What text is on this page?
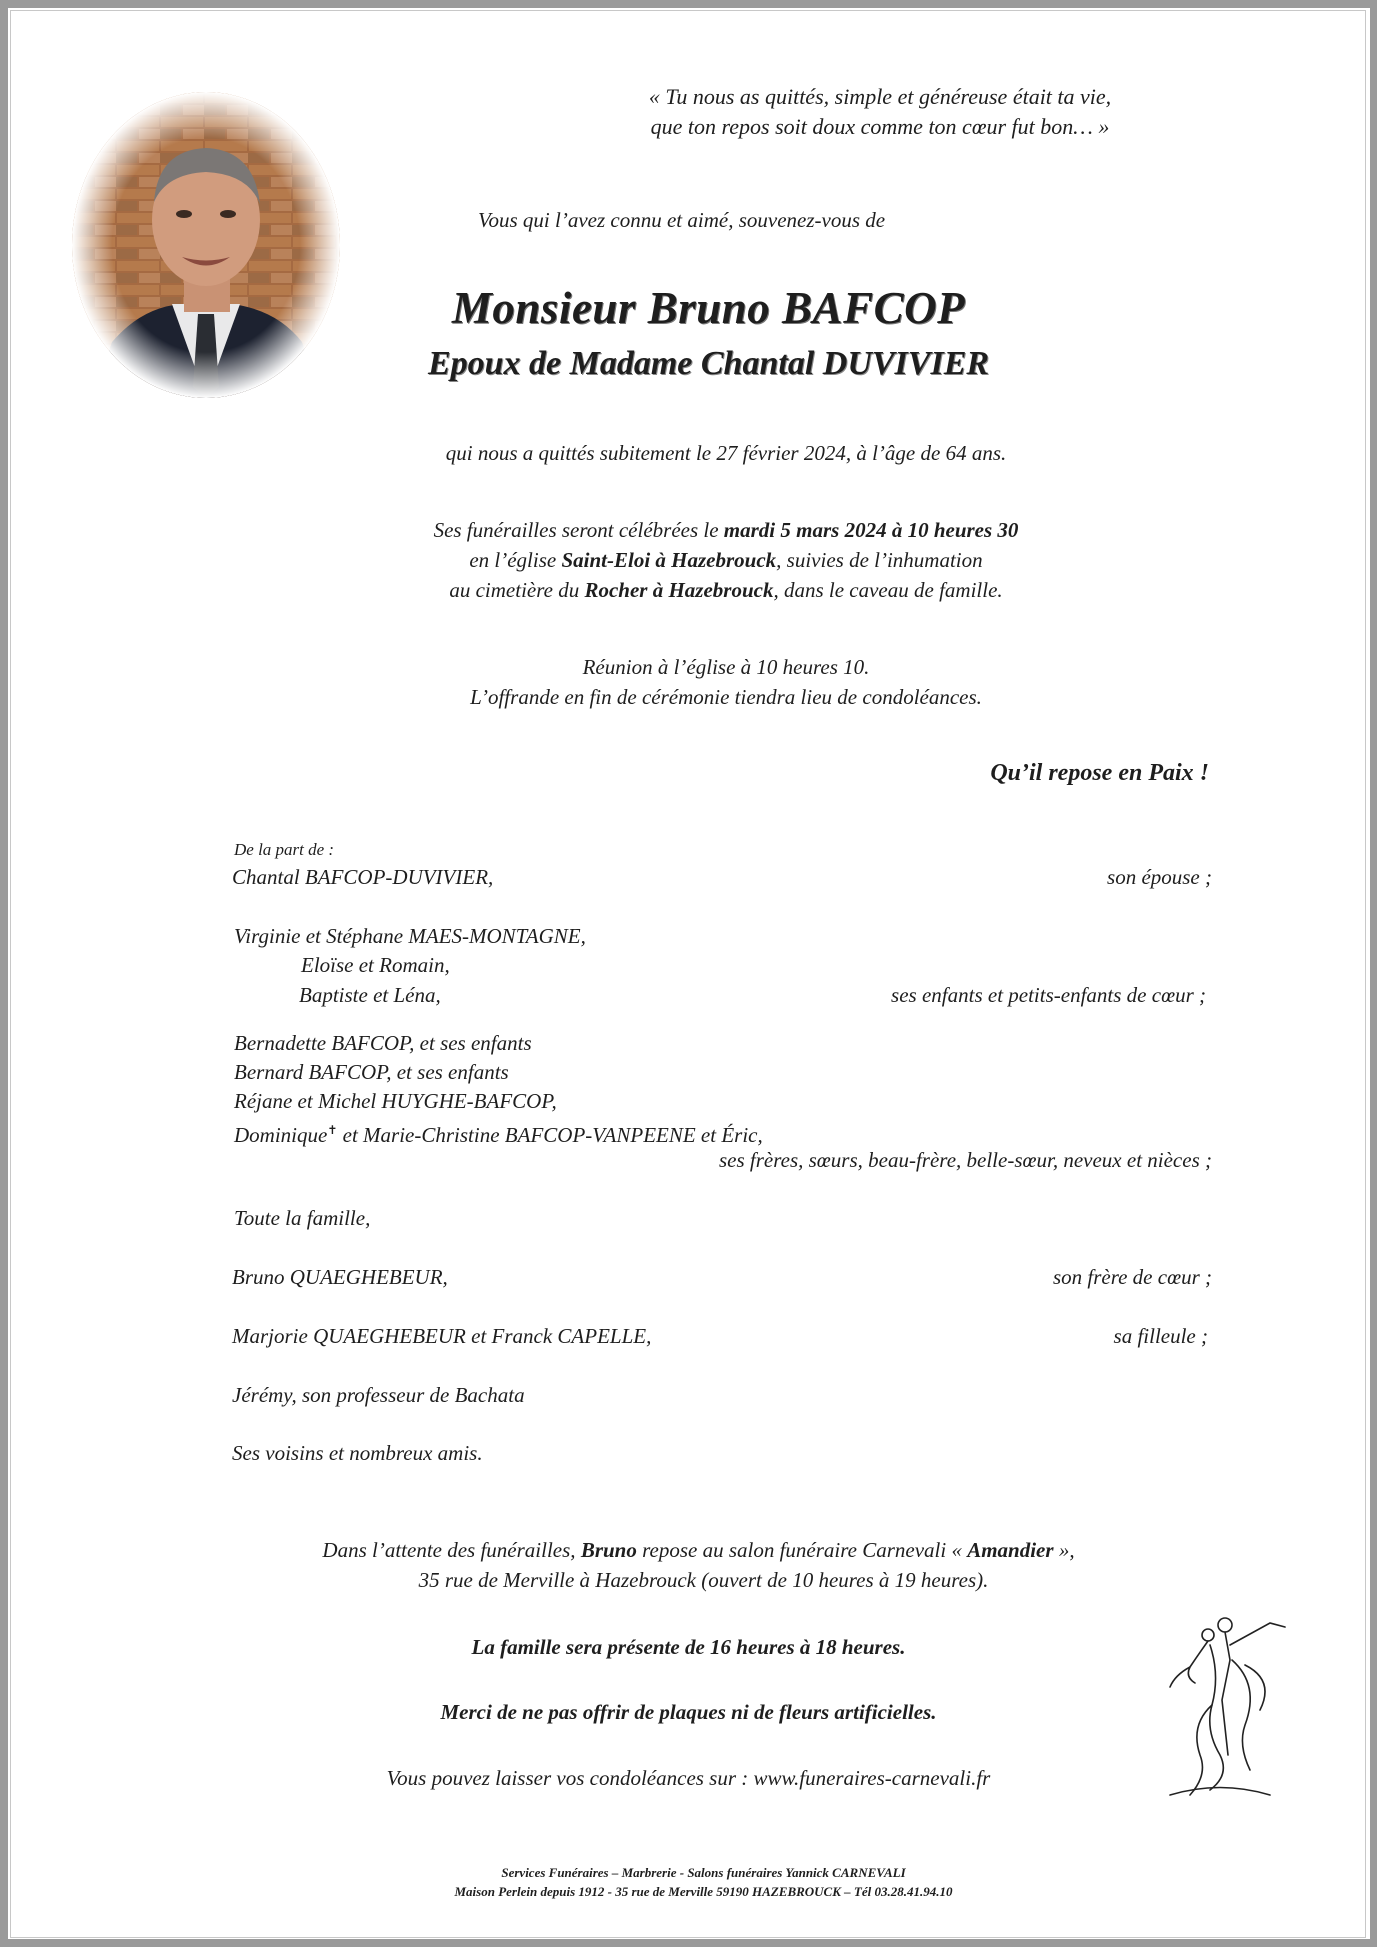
« Tu nous as quittés, simple et généreuse était ta vie,
que ton repos soit doux comme ton cœur fut bon… »
Vous qui l’avez connu et aimé, souvenez-vous de
Monsieur Bruno BAFCOP
Epoux de Madame Chantal DUVIVIER
qui nous a quittés subitement le 27 février 2024, à l’âge de 64 ans.
Ses funérailles seront célébrées le mardi 5 mars 2024 à 10 heures 30
en l’église Saint-Eloi à Hazebrouck, suivies de l’inhumation
au cimetière du Rocher à Hazebrouck, dans le caveau de famille.
Réunion à l’église à 10 heures 10.
L’offrande en fin de cérémonie tiendra lieu de condoléances.
Qu’il repose en Paix !
De la part de :
Chantal BAFCOP-DUVIVIER,	son épouse ;
Virginie et Stéphane MAES-MONTAGNE,
Eloïse et Romain,
Baptiste et Léna,	ses enfants et petits-enfants de cœur ;
Bernadette BAFCOP, et ses enfants
Bernard BAFCOP, et ses enfants
Réjane et Michel HUYGHE-BAFCOP,
Dominique✝ et Marie-Christine BAFCOP-VANPEENE et Éric,
ses frères, sœurs, beau-frère, belle-sœur, neveux et nièces ;
Toute la famille,
Bruno QUAEGHEBEUR,	son frère de cœur ;
Marjorie QUAEGHEBEUR et Franck CAPELLE,	sa filleule ;
Jérémy, son professeur de Bachata
Ses voisins et nombreux amis.
Dans l’attente des funérailles, Bruno repose au salon funéraire Carnevali « Amandier »,
35 rue de Merville à Hazebrouck (ouvert de 10 heures à 19 heures).
La famille sera présente de 16 heures à 18 heures.
Merci de ne pas offrir de plaques ni de fleurs artificielles.
Vous pouvez laisser vos condoléances sur : www.funeraires-carnevali.fr
Services Funéraires – Marbrerie - Salons funéraires Yannick CARNEVALI
Maison Perlein depuis 1912 - 35 rue de Merville 59190 HAZEBROUCK – Tél 03.28.41.94.10
